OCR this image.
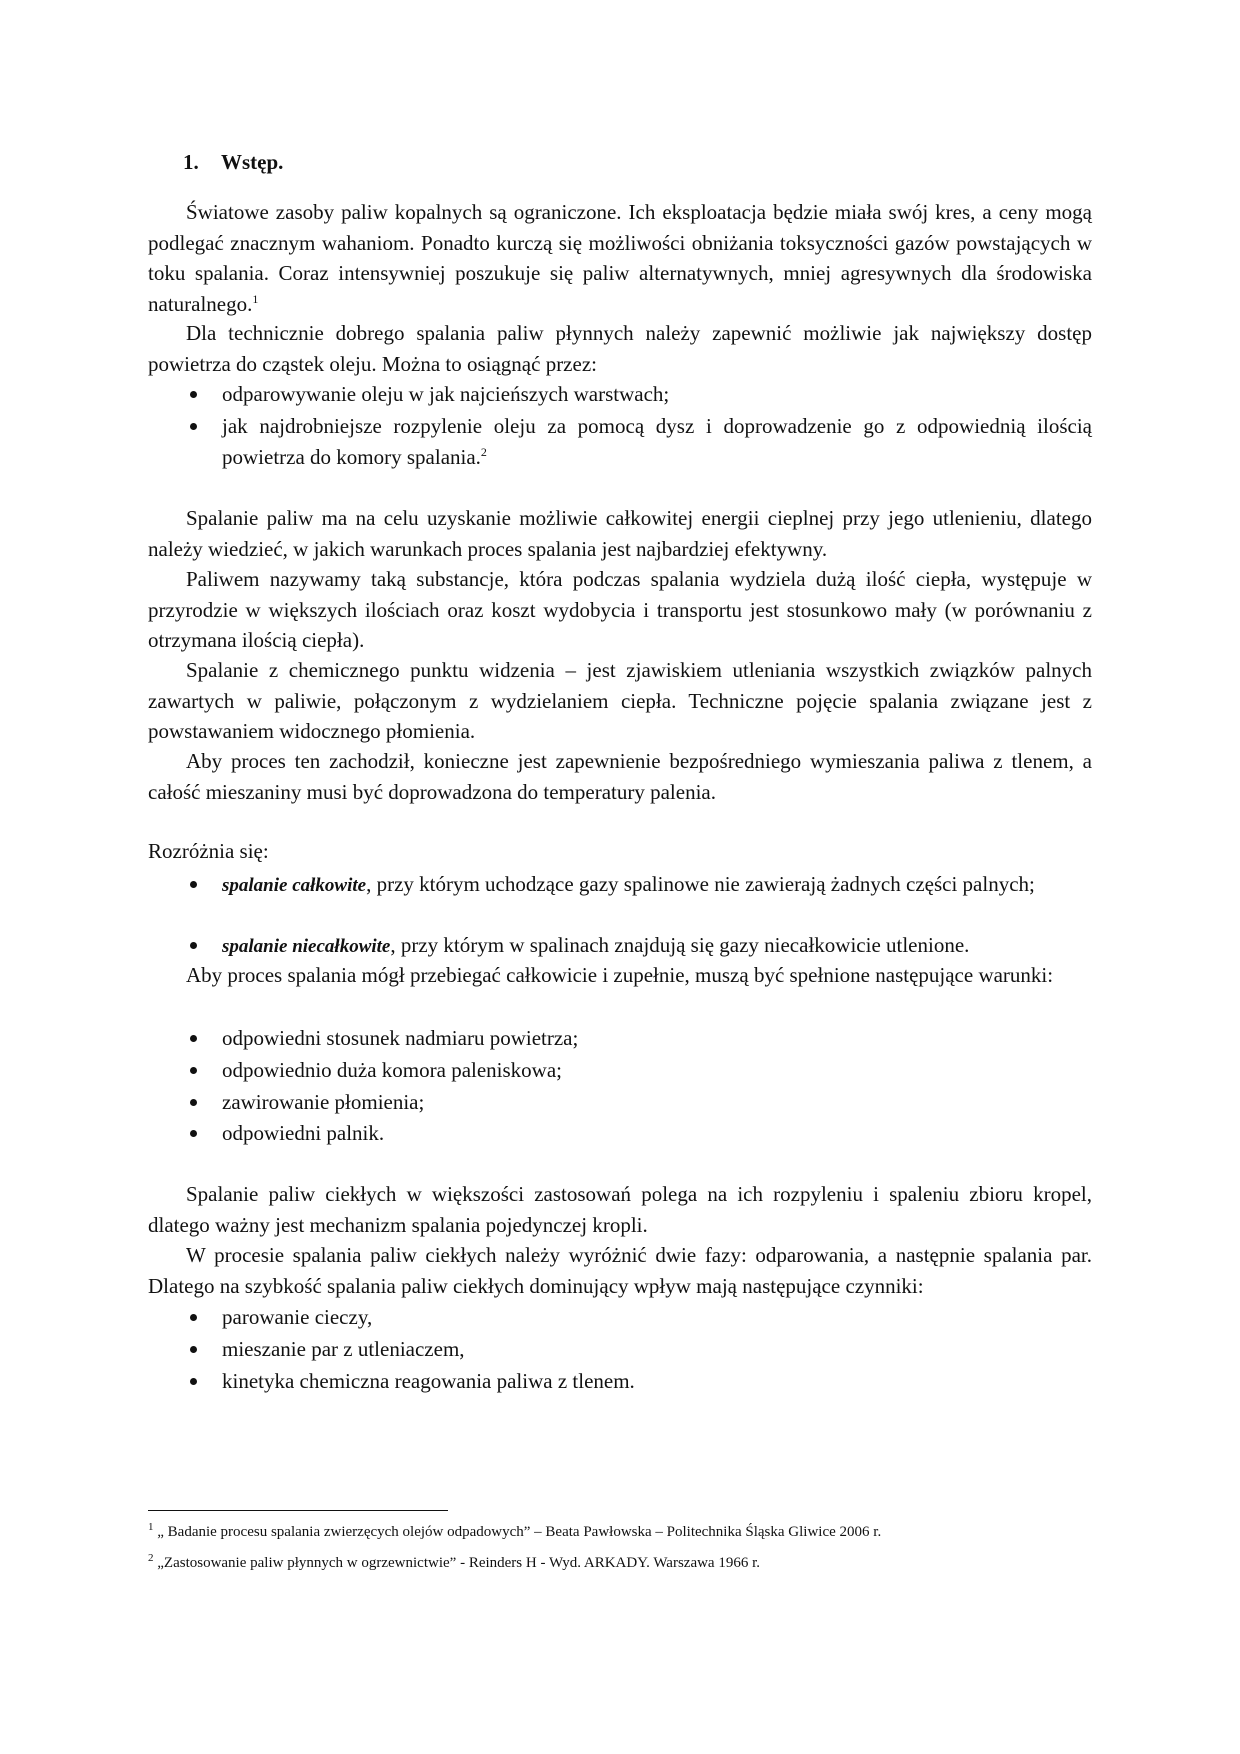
1. Wstęp.
Światowe zasoby paliw kopalnych są ograniczone. Ich eksploatacja będzie miała swój kres, a ceny mogą podlegać znacznym wahaniom. Ponadto kurczą się możliwości obniżania toksyczności gazów powstających w toku spalania. Coraz intensywniej poszukuje się paliw alternatywnych, mniej agresywnych dla środowiska naturalnego.$^1$
Dla technicznie dobrego spalania paliw płynnych należy zapewnić możliwie jak największy dostęp powietrza do cząstek oleju. Można to osiągnąć przez:
odparowywanie oleju w jak najcieńszych warstwach;
jak najdrobniejsze rozpylenie oleju za pomocą dysz i doprowadzenie go z odpowiednią ilością powietrza do komory spalania.$^2$
Spalanie paliw ma na celu uzyskanie możliwie całkowitej energii cieplnej przy jego utlenieniu, dlatego należy wiedzieć, w jakich warunkach proces spalania jest najbardziej efektywny.
Paliwem nazywamy taką substancje, która podczas spalania wydziela dużą ilość ciepła, występuje w przyrodzie w większych ilościach oraz koszt wydobycia i transportu jest stosunkowo mały (w porównaniu z otrzymana ilością ciepła).
Spalanie z chemicznego punktu widzenia – jest zjawiskiem utleniania wszystkich związków palnych zawartych w paliwie, połączonym z wydzielaniem ciepła. Techniczne pojęcie spalania związane jest z powstawaniem widocznego płomienia.
Aby proces ten zachodził, konieczne jest zapewnienie bezpośredniego wymieszania paliwa z tlenem, a całość mieszaniny musi być doprowadzona do temperatury palenia.
Rozróżnia się:
spalanie całkowite, przy którym uchodzące gazy spalinowe nie zawierają żadnych części palnych;
spalanie niecałkowite, przy którym w spalinach znajdują się gazy niecałkowicie utlenione.
Aby proces spalania mógł przebiegać całkowicie i zupełnie, muszą być spełnione następujące warunki:
odpowiedni stosunek nadmiaru powietrza;
odpowiednio duża komora paleniskowa;
zawirowanie płomienia;
odpowiedni palnik.
Spalanie paliw ciekłych w większości zastosowań polega na ich rozpyleniu i spaleniu zbioru kropel, dlatego ważny jest mechanizm spalania pojedynczej kropli.
W procesie spalania paliw ciekłych należy wyróżnić dwie fazy: odparowania, a następnie spalania par. Dlatego na szybkość spalania paliw ciekłych dominujący wpływ mają następujące czynniki:
parowanie cieczy,
mieszanie par z utleniaczem,
kinetyka chemiczna reagowania paliwa z tlenem.
$^1$ „ Badanie procesu spalania zwierzęcych olejów odpadowych” – Beata Pawłowska – Politechnika Śląska Gliwice 2006 r.
$^2$ „Zastosowanie paliw płynnych w ogrzewnictwie” - Reinders H - Wyd. ARKADY. Warszawa 1966 r.
